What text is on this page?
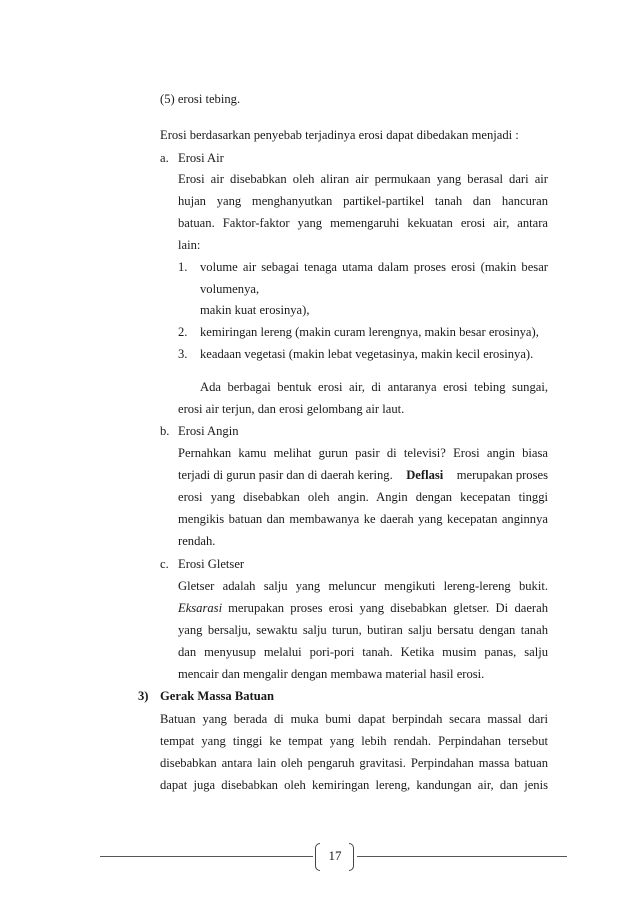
(5) erosi tebing.
Erosi berdasarkan penyebab terjadinya erosi dapat dibedakan menjadi :
a. Erosi Air
Erosi air disebabkan oleh aliran air permukaan yang berasal dari air
hujan yang menghanyutkan partikel-partikel tanah dan hancuran
batuan. Faktor-faktor yang memengaruhi kekuatan erosi air, antara
lain:
1. volume air sebagai tenaga utama dalam proses erosi (makin besar
volumenya,
makin kuat erosinya),
2. kemiringan lereng (makin curam lerengnya, makin besar erosinya),
3. keadaan vegetasi (makin lebat vegetasinya, makin kecil erosinya).
Ada berbagai bentuk erosi air, di antaranya erosi tebing sungai,
erosi air terjun, dan erosi gelombang air laut.
b. Erosi Angin
Pernahkan kamu melihat gurun pasir di televisi? Erosi angin biasa
terjadi di gurun pasir dan di daerah kering. Deflasi merupakan proses
erosi yang disebabkan oleh angin. Angin dengan kecepatan tinggi
mengikis batuan dan membawanya ke daerah yang kecepatan anginnya
rendah.
c. Erosi Gletser
Gletser adalah salju yang meluncur mengikuti lereng-lereng bukit.
Eksarasi merupakan proses erosi yang disebabkan gletser. Di daerah
yang bersalju, sewaktu salju turun, butiran salju bersatu dengan tanah
dan menyusup melalui pori-pori tanah. Ketika musim panas, salju
mencair dan mengalir dengan membawa material hasil erosi.
3) Gerak Massa Batuan
Batuan yang berada di muka bumi dapat berpindah secara massal dari
tempat yang tinggi ke tempat yang lebih rendah. Perpindahan tersebut
disebabkan antara lain oleh pengaruh gravitasi. Perpindahan massa batuan
dapat juga disebabkan oleh kemiringan lereng, kandungan air, dan jenis
17
